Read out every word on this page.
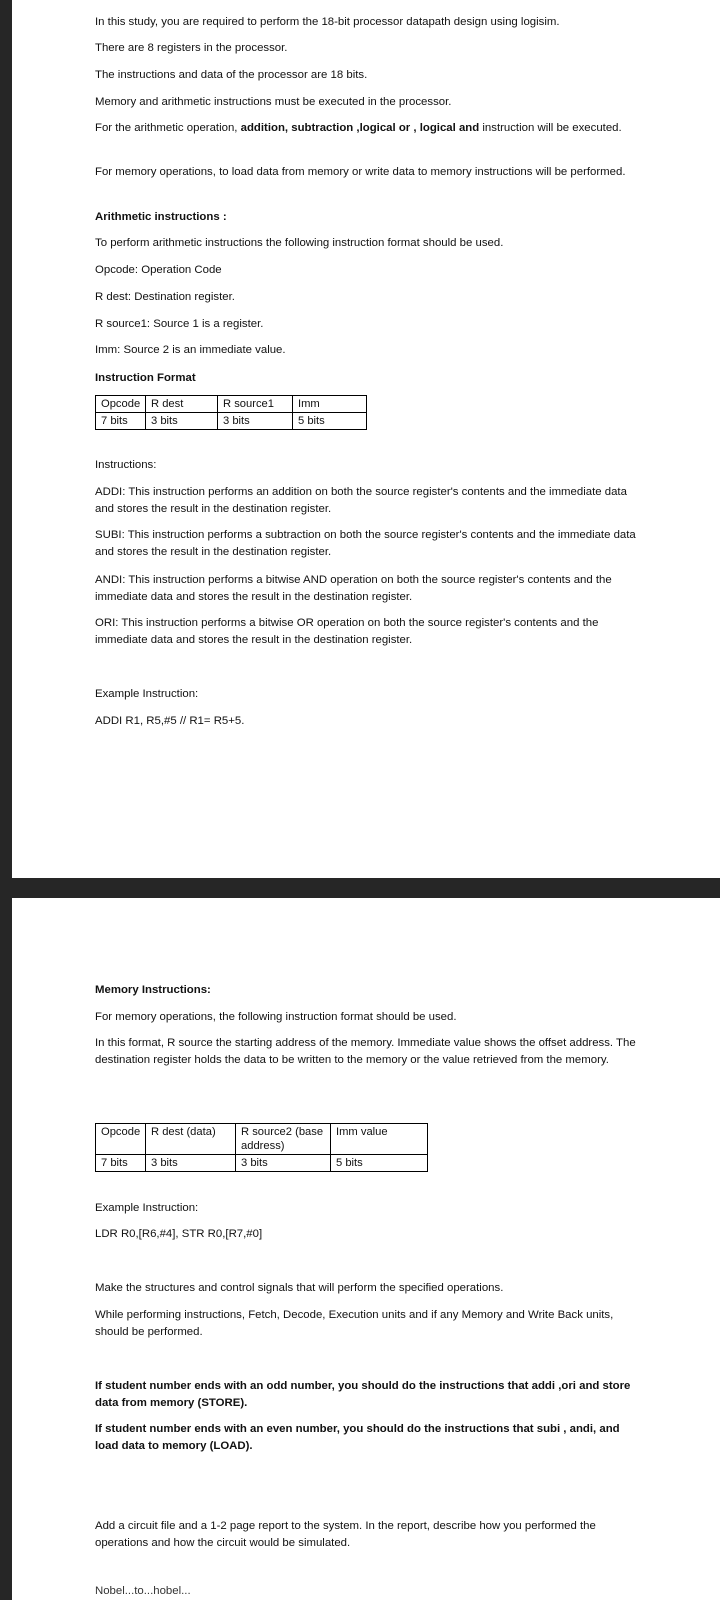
In this study, you are required to perform the 18-bit processor datapath design using logisim.

There are 8 registers in the processor.

The instructions and data of the processor are 18 bits.

Memory and arithmetic instructions must be executed in the processor.

For the arithmetic operation, addition, subtraction ,logical or , logical and instruction will be executed.

For memory operations, to load data from memory or write data to memory instructions will be performed.

Arithmetic instructions :

To perform arithmetic instructions the following instruction format should be used.

Opcode: Operation Code

R dest: Destination register.

R source1: Source 1 is a register.

Imm: Source 2 is an immediate value.

Instruction Format

Opcode	R dest	R source1	Imm
7 bits	3 bits	3 bits	5 bits

Instructions:

ADDI: This instruction performs an addition on both the source register's contents and the immediate data and stores the result in the destination register.

SUBI: This instruction performs a subtraction on both the source register's contents and the immediate data and stores the result in the destination register.

ANDI: This instruction performs a bitwise AND operation on both the source register's contents and the immediate data and stores the result in the destination register.

ORI: This instruction performs a bitwise OR operation on both the source register's contents and the immediate data and stores the result in the destination register.

Example Instruction:

ADDI R1, R5,#5 // R1= R5+5.

Memory Instructions:

For memory operations, the following instruction format should be used.

In this format, R source the starting address of the memory. Immediate value shows the offset address. The destination register holds the data to be written to the memory or the value retrieved from the memory.

Opcode	R dest (data)	R source2 (base address)	Imm value
7 bits	3 bits	3 bits	5 bits

Example Instruction:

LDR R0,[R6,#4], STR R0,[R7,#0]

Make the structures and control signals that will perform the specified operations.

While performing instructions, Fetch, Decode, Execution units and if any Memory and Write Back units, should be performed.

If student number ends with an odd number, you should do the instructions that addi ,ori and store data from memory (STORE).

If student number ends with an even number, you should do the instructions that subi , andi, and load data to memory (LOAD).

Add a circuit file and a 1-2 page report to the system. In the report, describe how you performed the operations and how the circuit would be simulated.

Nobel...to...hobel...
